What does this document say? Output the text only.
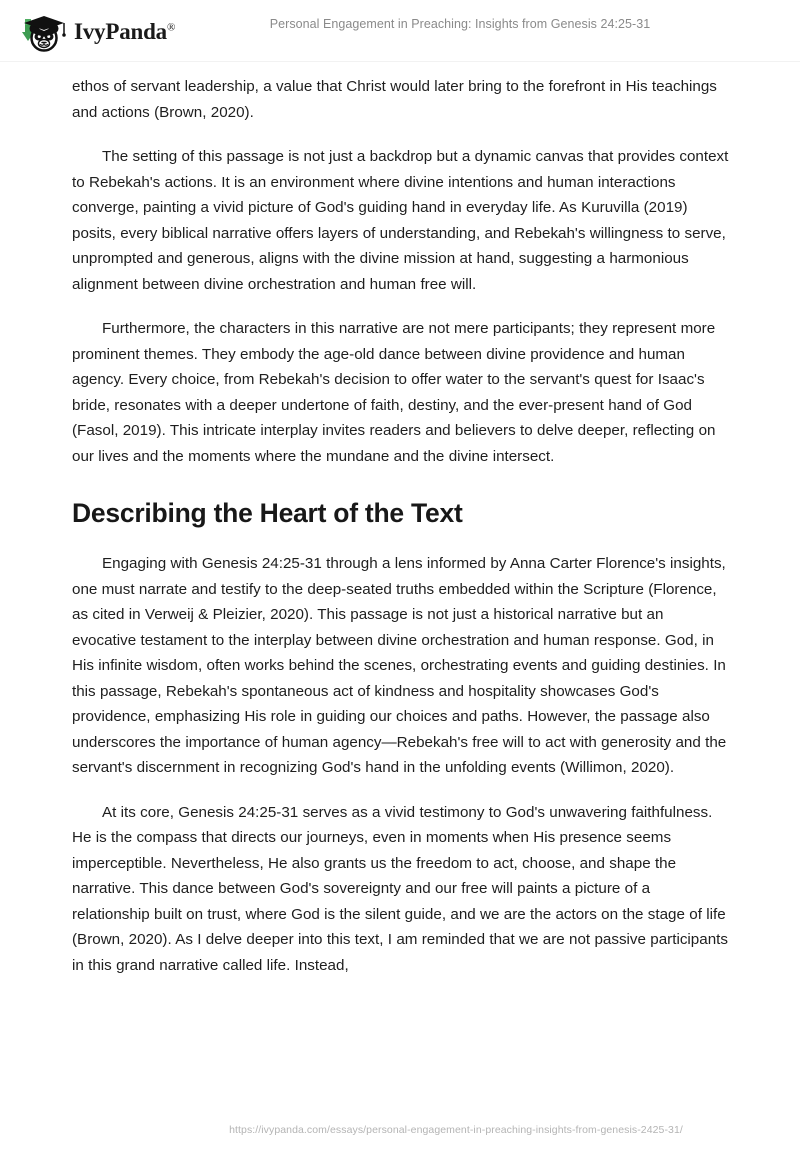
IvyPanda®	Personal Engagement in Preaching: Insights from Genesis 24:25-31

ethos of servant leadership, a value that Christ would later bring to the forefront in His teachings and actions (Brown, 2020).

The setting of this passage is not just a backdrop but a dynamic canvas that provides context to Rebekah's actions. It is an environment where divine intentions and human interactions converge, painting a vivid picture of God's guiding hand in everyday life. As Kuruvilla (2019) posits, every biblical narrative offers layers of understanding, and Rebekah's willingness to serve, unprompted and generous, aligns with the divine mission at hand, suggesting a harmonious alignment between divine orchestration and human free will.

Furthermore, the characters in this narrative are not mere participants; they represent more prominent themes. They embody the age-old dance between divine providence and human agency. Every choice, from Rebekah's decision to offer water to the servant's quest for Isaac's bride, resonates with a deeper undertone of faith, destiny, and the ever-present hand of God (Fasol, 2019). This intricate interplay invites readers and believers to delve deeper, reflecting on our lives and the moments where the mundane and the divine intersect.

Describing the Heart of the Text

Engaging with Genesis 24:25-31 through a lens informed by Anna Carter Florence's insights, one must narrate and testify to the deep-seated truths embedded within the Scripture (Florence, as cited in Verweij & Pleizier, 2020). This passage is not just a historical narrative but an evocative testament to the interplay between divine orchestration and human response. God, in His infinite wisdom, often works behind the scenes, orchestrating events and guiding destinies. In this passage, Rebekah's spontaneous act of kindness and hospitality showcases God's providence, emphasizing His role in guiding our choices and paths. However, the passage also underscores the importance of human agency—Rebekah's free will to act with generosity and the servant's discernment in recognizing God's hand in the unfolding events (Willimon, 2020).

At its core, Genesis 24:25-31 serves as a vivid testimony to God's unwavering faithfulness. He is the compass that directs our journeys, even in moments when His presence seems imperceptible. Nevertheless, He also grants us the freedom to act, choose, and shape the narrative. This dance between God's sovereignty and our free will paints a picture of a relationship built on trust, where God is the silent guide, and we are the actors on the stage of life (Brown, 2020). As I delve deeper into this text, I am reminded that we are not passive participants in this grand narrative called life. Instead,

https://ivypanda.com/essays/personal-engagement-in-preaching-insights-from-genesis-2425-31/
